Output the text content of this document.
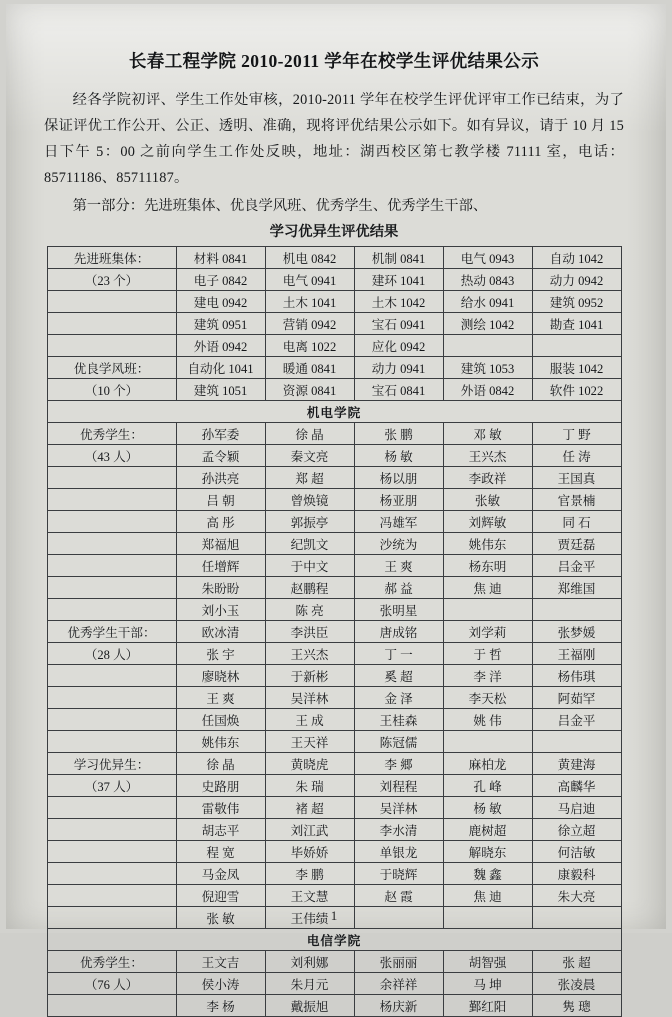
长春工程学院 2010-2011 学年在校学生评优结果公示

经各学院初评、学生工作处审核，2010-2011 学年在校学生评优评审工作已结束，为了保证评优工作公开、公正、透明、准确，现将评优结果公示如下。如有异议，请于 10 月 15 日下午 5：00 之前向学生工作处反映，地址：湖西校区第七教学楼 71111 室，电话：85711186、85711187。

第一部分：先进班集体、优良学风班、优秀学生、优秀学生干部、
学习优异生评优结果
先进班集体：	材料 0841	机电 0842	机制 0841	电气 0943	自动 1042
（23 个）	电子 0842	电气 0941	建环 1041	热动 0843	动力 0942
	建电 0942	土木 1041	土木 1042	给水 0941	建筑 0952
	建筑 0951	营销 0942	宝石 0941	测绘 1042	勘查 1041
	外语 0942	电离 1022	应化 0942		
优良学风班：	自动化 1041	暖通 0841	动力 0941	建筑 1053	服装 1042
（10 个）	建筑 1051	资源 0841	宝石 0841	外语 0842	软件 1022
机电学院					
优秀学生：	孙军委	徐 晶	张 鹏	邓 敏	丁 野
（43 人）	孟令颖	秦文亮	杨 敏	王兴杰	任 涛
	孙洪亮	郑 超	杨以朋	李政祥	王国真
	吕 朝	曾焕镜	杨亚朋	张敏	官景楠
	高 彤	郭振亭	冯雄军	刘辉敏	同 石
	郑福旭	纪凯文	沙统为	姚伟东	贾廷磊
	任增辉	于中文	王 爽	杨东明	吕金平
	朱盼盼	赵鹏程	郝 益	焦 迪	郑维国
	刘小玉	陈 亮	张明星		
优秀学生干部：	欧冰清	李洪臣	唐成铭	刘学莉	张梦媛
（28 人）	张 宇	王兴杰	丁 一	于 哲	王福刚
	廖晓林	于新彬	奚 超	李 洋	杨伟琪
	王 爽	吴洋林	金 泽	李天松	阿茹罕
	任国焕	王 成	王桂森	姚 伟	吕金平
	姚伟东	王天祥	陈冠儒		
学习优异生：	徐 晶	黄晓虎	李 郷	麻柏龙	黄建海
（37 人）	史路朋	朱 瑞	刘程程	孔 峰	高麟华
	雷敬伟	褚 超	吴洋林	杨 敏	马启迪
	胡志平	刘江武	李水清	鹿树超	徐立超
	程 宽	毕娇娇	单银龙	解晓东	何洁敏
	马金凤	李 鹏	于晓辉	魏 鑫	康毅科
	倪迎雪	王文慧	赵 霞	焦 迪	朱大亮
	张 敏	王伟绩			
电信学院					
优秀学生：	王文吉	刘利娜	张丽丽	胡智强	张 超
（76 人）	侯小涛	朱月元	余祥祥	马 坤	张凌晨
	李 杨	戴振旭	杨庆新	鄞红阳	隽 璁
1
